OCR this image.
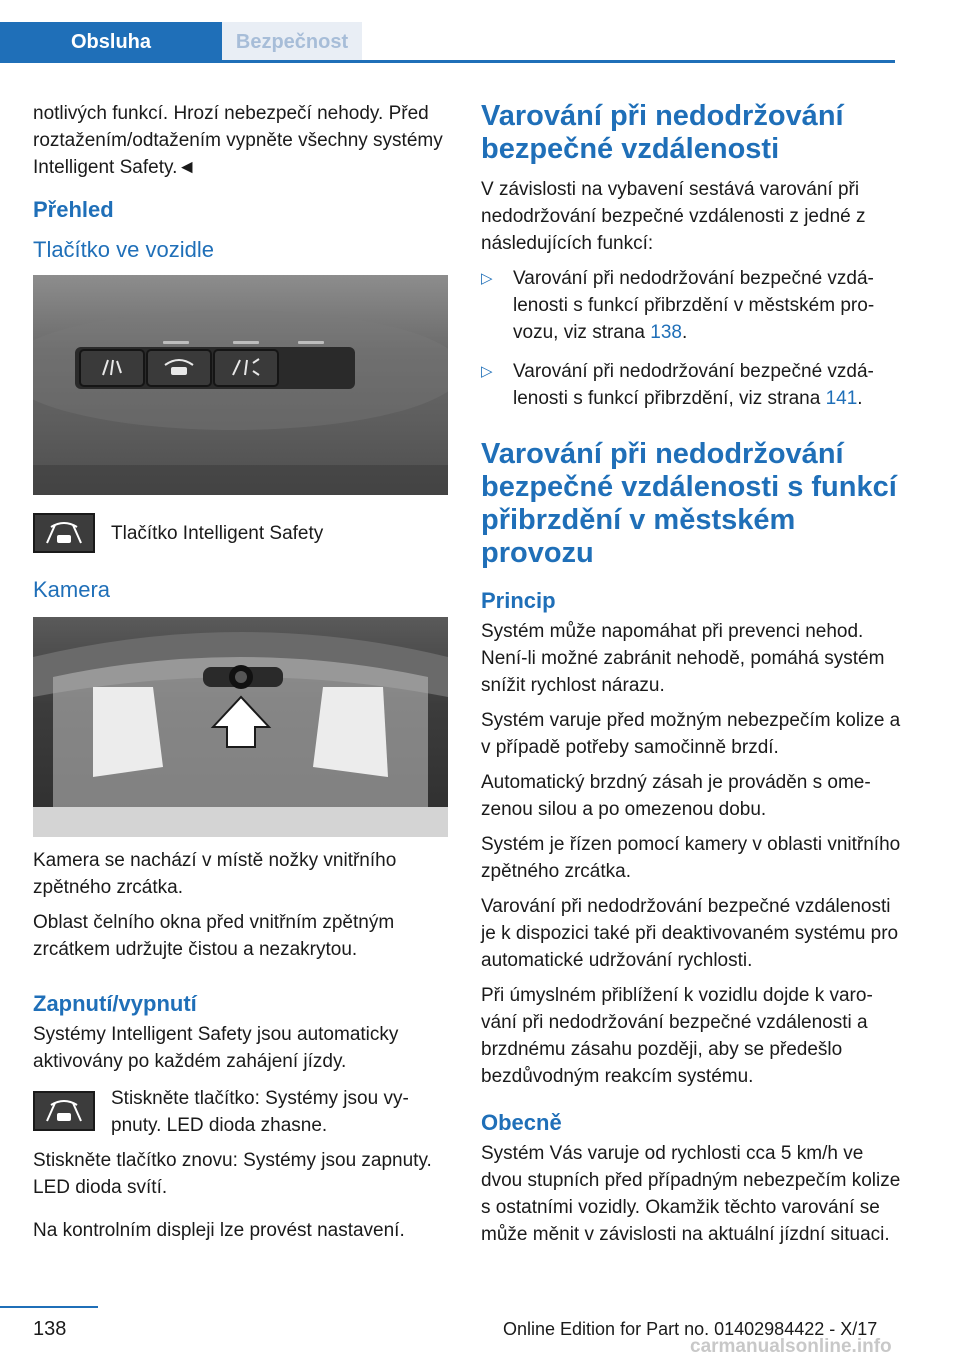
Obsluha	Bezpečnost

notlivých funkcí. Hrozí nebezpečí nehody. Před roztažením/odtažením vypněte všechny systémy Intelligent Safety.◄

Přehled
Tlačítko ve vozidle

Tlačítko Intelligent Safety

Kamera

Kamera se nachází v místě nožky vnitřního zpětného zrcátka.

Oblast čelního okna před vnitřním zpětným zrcátkem udržujte čistou a nezakrytou.

Zapnutí/vypnutí

Systémy Intelligent Safety jsou automaticky aktivovány po každém zahájení jízdy.

Stiskněte tlačítko: Systémy jsou vypnuty. LED dioda zhasne.

Stiskněte tlačítko znovu: Systémy jsou zapnuty. LED dioda svítí.

Na kontrolním displeji lze provést nastavení.

Varování při nedodržování bezpečné vzdálenosti

V závislosti na vybavení sestává varování při nedodržování bezpečné vzdálenosti z jedné z následujících funkcí:

▷ Varování při nedodržování bezpečné vzdálenosti s funkcí přibrzdění v městském provozu, viz strana 138.
▷ Varování při nedodržování bezpečné vzdálenosti s funkcí přibrzdění, viz strana 141.
Varování při nedodržování bezpečné vzdálenosti s funkcí přibrzdění v městském provozu
Princip

Systém může napomáhat při prevenci nehod. Není-li možné zabránit nehodě, pomáhá systém snížit rychlost nárazu.

Systém varuje před možným nebezpečím kolize a v případě potřeby samočinně brzdí.

Automatický brzdný zásah je prováděn s omezenou silou a po omezenou dobu.

Systém je řízen pomocí kamery v oblasti vnitřního zpětného zrcátka.

Varování při nedodržování bezpečné vzdálenosti je k dispozici také při deaktivovaném systému pro automatické udržování rychlosti.

Při úmyslném přiblížení k vozidlu dojde k varování při nedodržování bezpečné vzdálenosti a brzdnému zásahu později, aby se předešlo bezdůvodným reakcím systému.

Obecně

Systém Vás varuje od rychlosti cca 5 km/h ve dvou stupních před případným nebezpečím kolize s ostatními vozidly. Okamžik těchto varování se může měnit v závislosti na aktuální jízdní situaci.

138	Online Edition for Part no. 01402984422 - X/17
carmanualsonline.info
